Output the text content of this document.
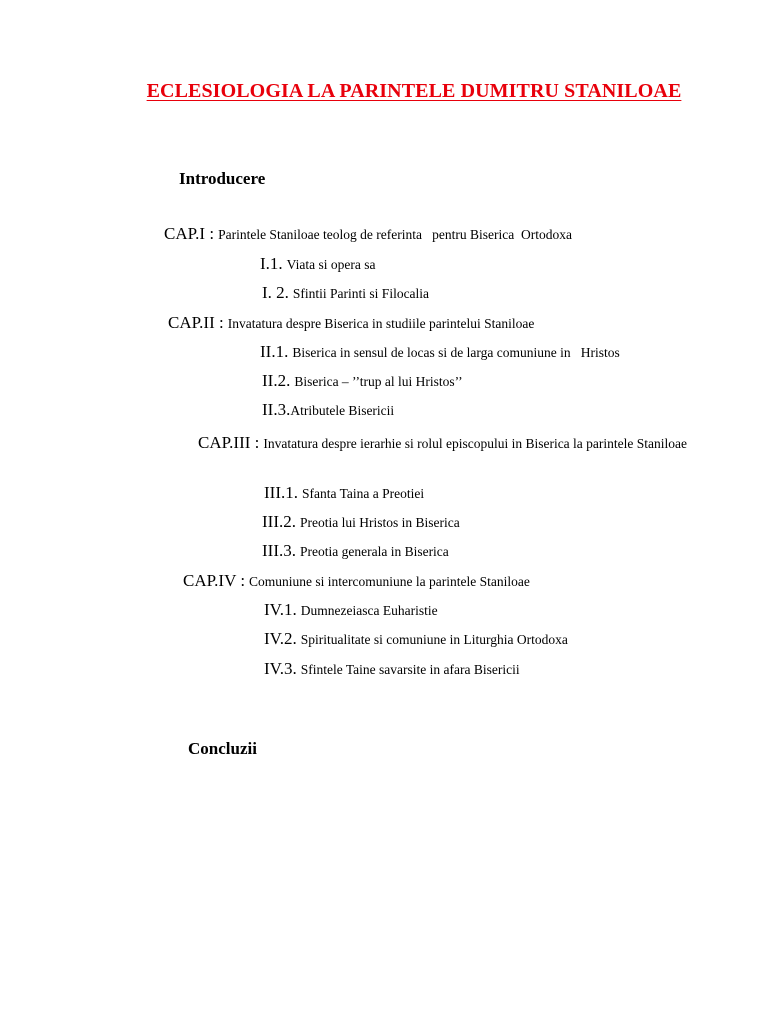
ECLESIOLOGIA LA PARINTELE DUMITRU STANILOAE
Introducere
CAP.I : Parintele Staniloae teolog de referinta   pentru Biserica  Ortodoxa
I.1. Viata si opera sa
I. 2. Sfintii Parinti si Filocalia
CAP.II : Invatatura despre Biserica in studiile parintelui Staniloae
II.1. Biserica in sensul de locas si de larga comuniune in   Hristos
II.2. Biserica – ’’trup al lui Hristos’’
II.3.Atributele Bisericii
CAP.III : Invatatura despre ierarhie si rolul episcopului in Biserica la parintele Staniloae
III.1. Sfanta Taina a Preotiei
III.2. Preotia lui Hristos in Biserica
III.3. Preotia generala in Biserica
CAP.IV : Comuniune si intercomuniune la parintele Staniloae
IV.1. Dumnezeiasca Euharistie
IV.2. Spiritualitate si comuniune in Liturghia Ortodoxa
IV.3. Sfintele Taine savarsite in afara Bisericii
Concluzii
